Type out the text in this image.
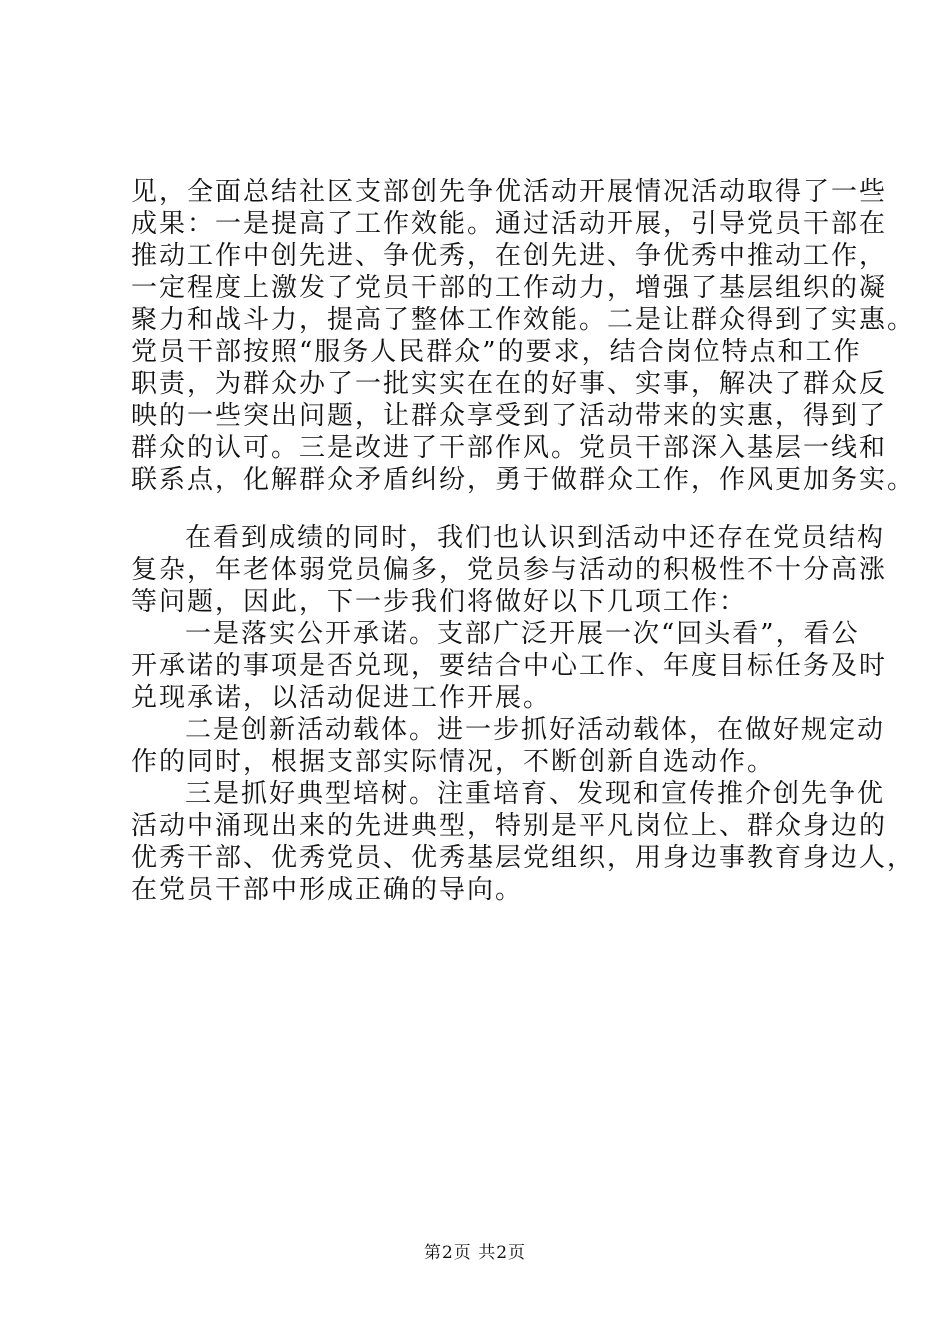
见，全面总结社区支部创先争优活动开展情况活动取得了一些
成果：一是提高了工作效能。通过活动开展，引导党员干部在
推动工作中创先进、争优秀，在创先进、争优秀中推动工作，
一定程度上激发了党员干部的工作动力，增强了基层组织的凝
聚力和战斗力，提高了整体工作效能。二是让群众得到了实惠。
党员干部按照“服务人民群众”的要求，结合岗位特点和工作
职责，为群众办了一批实实在在的好事、实事，解决了群众反
映的一些突出问题，让群众享受到了活动带来的实惠，得到了
群众的认可。三是改进了干部作风。党员干部深入基层一线和
联系点，化解群众矛盾纠纷，勇于做群众工作，作风更加务实。
在看到成绩的同时，我们也认识到活动中还存在党员结构
复杂，年老体弱党员偏多，党员参与活动的积极性不十分高涨
等问题，因此，下一步我们将做好以下几项工作：
一是落实公开承诺。支部广泛开展一次“回头看”，看公
开承诺的事项是否兑现，要结合中心工作、年度目标任务及时
兑现承诺，以活动促进工作开展。
二是创新活动载体。进一步抓好活动载体，在做好规定动
作的同时，根据支部实际情况，不断创新自选动作。
三是抓好典型培树。注重培育、发现和宣传推介创先争优
活动中涌现出来的先进典型，特别是平凡岗位上、群众身边的
优秀干部、优秀党员、优秀基层党组织，用身边事教育身边人，
在党员干部中形成正确的导向。
第2页 共2页
